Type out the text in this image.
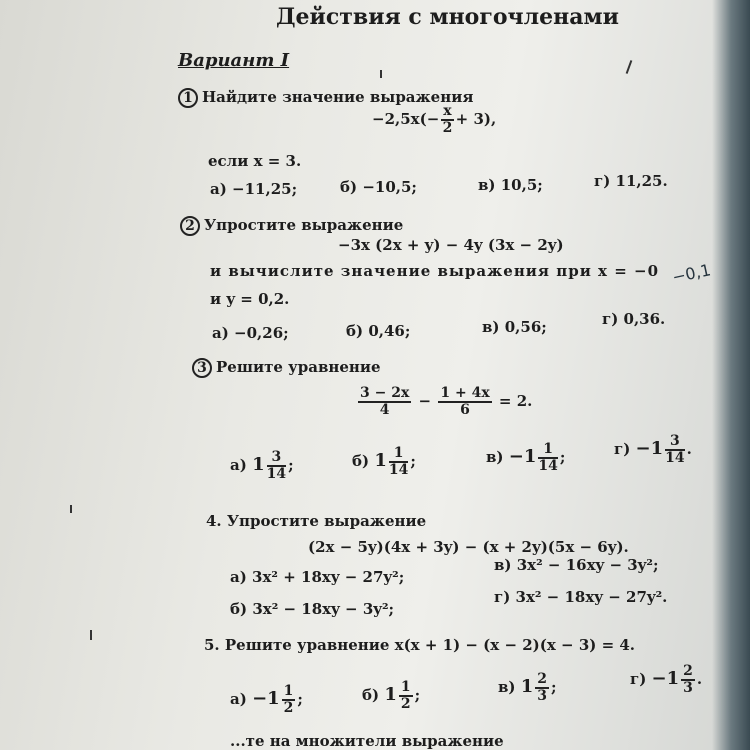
Действия с многочленами
Вариант I
1 Найдите значение выражения
$-2,5x(- \frac{x}{2} + 3)$,
если x = 3.
а) −11,25;	б) −10,5;	в) 10,5;	г) 11,25.
2 Упростите выражение
−3x (2x + y) − 4y (3x − 2y)
и вычислите значение выражения при x = −0 −0,1
и y = 0,2.
а) −0,26;	б) 0,46;	в) 0,56;	г) 0,36.
3 Решите уравнение
$\frac{3 - 2x}{4} - \frac{1 + 4x}{6} = 2$.
а) $1 \frac{3}{14}$ ;	б) $1 \frac{1}{14}$ ;	$в) -1 \frac{1}{14}$ ;	$г) -1 \frac{3}{14}$ .
4. Упростите выражение
(2x − 5y)(4x + 3y) − (x + 2y)(5x − 6y).
а) 3x² + 18xy − 27y²;
в) 3x² − 16xy − 3y²;
б) 3x² − 18xy − 3y²;
г) 3x² − 18xy − 27y².
5. Решите уравнение x(x + 1) − (x − 2)(x − 3) = 4.
$а) -1 \frac{1}{2}$ ;	б) $1 \frac{1}{2}$ ;	в) $1 \frac{2}{3}$ ;	$г) -1 \frac{2}{3}$ .
...те на множители выражение
